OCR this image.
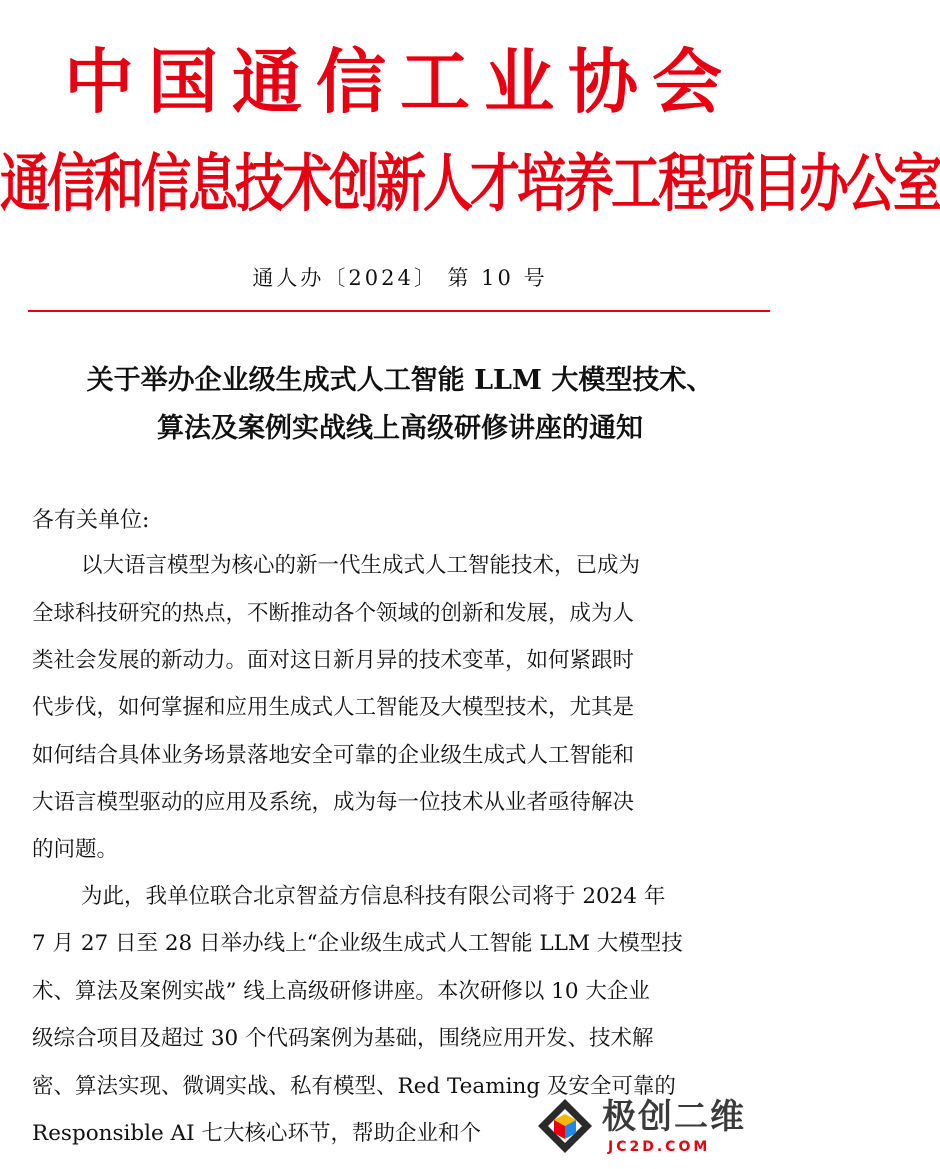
中国通信工业协会
通信和信息技术创新人才培养工程项目办公室
通人办〔2024〕 第 10 号
关于举办企业级生成式人工智能 LLM 大模型技术、
算法及案例实战线上高级研修讲座的通知
各有关单位:
以大语言模型为核心的新一代生成式人工智能技术，已成为
全球科技研究的热点，不断推动各个领域的创新和发展，成为人
类社会发展的新动力。面对这日新月异的技术变革，如何紧跟时
代步伐，如何掌握和应用生成式人工智能及大模型技术，尤其是
如何结合具体业务场景落地安全可靠的企业级生成式人工智能和
大语言模型驱动的应用及系统，成为每一位技术从业者亟待解决
的问题。
为此，我单位联合北京智益方信息科技有限公司将于 2024 年
7 月 27 日至 28 日举办线上“企业级生成式人工智能 LLM 大模型技
术、算法及案例实战” 线上高级研修讲座。本次研修以 10 大企业
级综合项目及超过 30 个代码案例为基础，围绕应用开发、技术解
密、算法实现、微调实战、私有模型、Red Teaming 及安全可靠的
Responsible AI 七大核心环节，帮助企业和个	极创二维
JC2D.COM
